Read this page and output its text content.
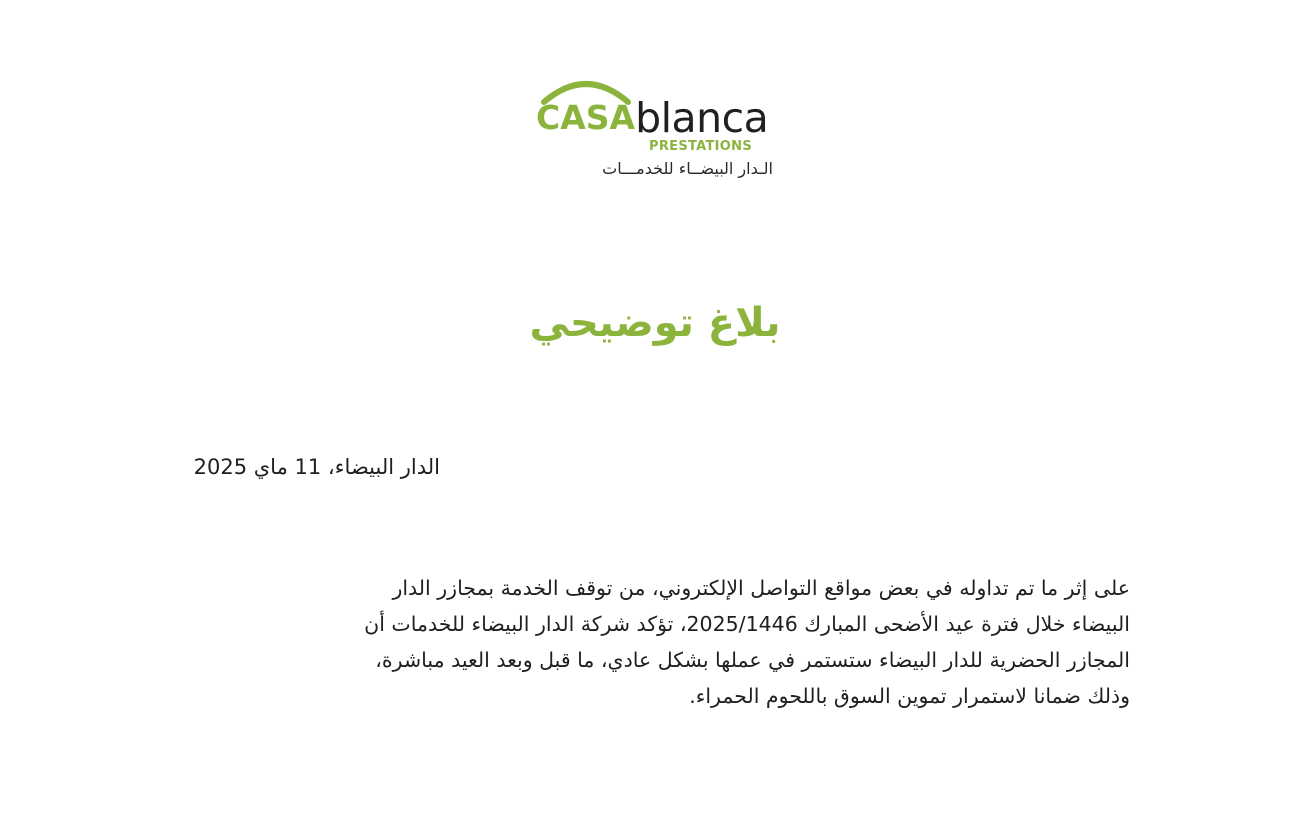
CASAblanca
PRESTATIONS
الـدار البيضــاء للخدمـــات
بلاغ توضيحي
الدار البيضاء، 11 ماي 2025
على إثر ما تم تداوله في بعض مواقع التواصل الإلكتروني، من توقف الخدمة بمجازر الدار
البيضاء خلال فترة عيد الأضحى المبارك 2025/1446، تؤكد شركة الدار البيضاء للخدمات أن
المجازر الحضرية للدار البيضاء ستستمر في عملها بشكل عادي، ما قبل وبعد العيد مباشرة،
وذلك ضمانا لاستمرار تموين السوق باللحوم الحمراء.
